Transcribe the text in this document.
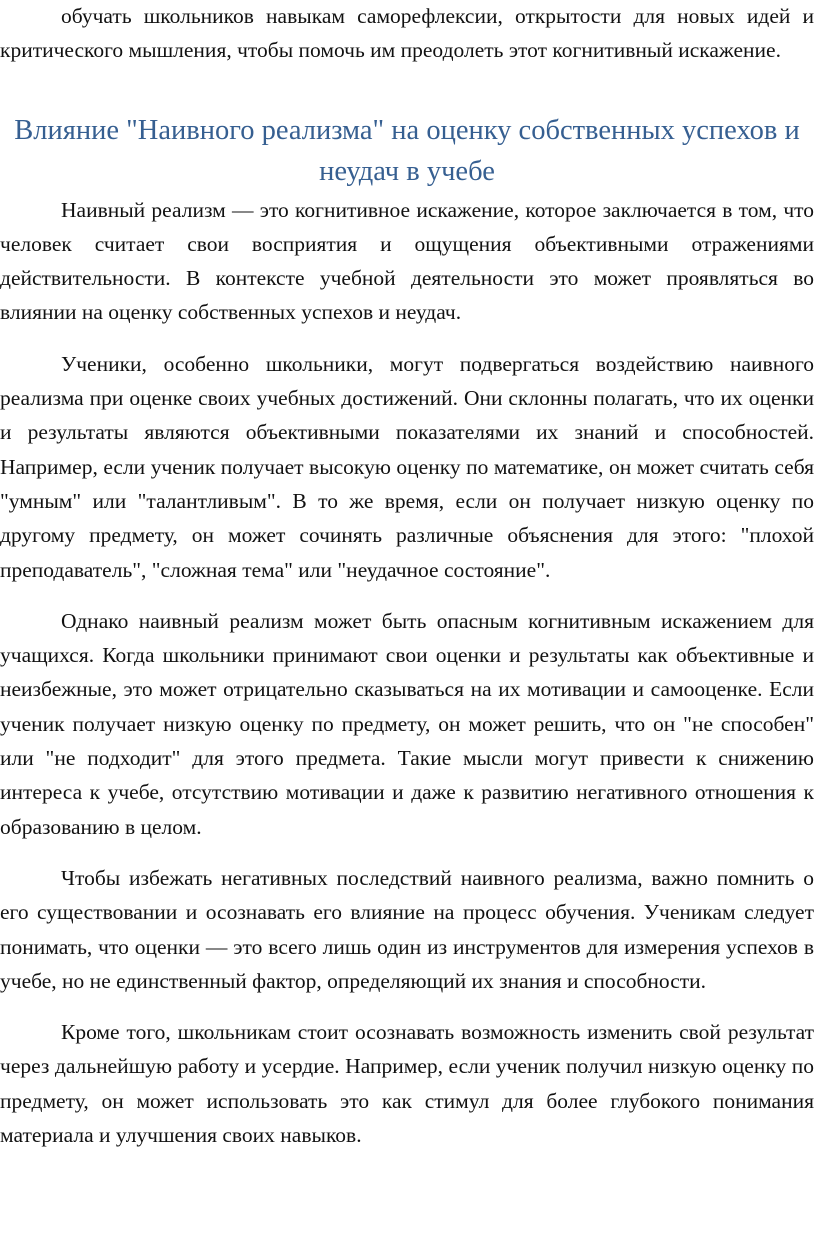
обучать школьников навыкам саморефлексии, открытости для новых идей и критического мышления, чтобы помочь им преодолеть этот когнитивный искажение.

Влияние "Наивного реализма" на оценку собственных успехов и неудач в учебе

Наивный реализм — это когнитивное искажение, которое заключается в том, что человек считает свои восприятия и ощущения объективными отражениями действительности. В контексте учебной деятельности это может проявляться во влиянии на оценку собственных успехов и неудач.

Ученики, особенно школьники, могут подвергаться воздействию наивного реализма при оценке своих учебных достижений. Они склонны полагать, что их оценки и результаты являются объективными показателями их знаний и способностей. Например, если ученик получает высокую оценку по математике, он может считать себя "умным" или "талантливым". В то же время, если он получает низкую оценку по другому предмету, он может сочинять различные объяснения для этого: "плохой преподаватель", "сложная тема" или "неудачное состояние".

Однако наивный реализм может быть опасным когнитивным искажением для учащихся. Когда школьники принимают свои оценки и результаты как объективные и неизбежные, это может отрицательно сказываться на их мотивации и самооценке. Если ученик получает низкую оценку по предмету, он может решить, что он "не способен" или "не подходит" для этого предмета. Такие мысли могут привести к снижению интереса к учебе, отсутствию мотивации и даже к развитию негативного отношения к образованию в целом.

Чтобы избежать негативных последствий наивного реализма, важно помнить о его существовании и осознавать его влияние на процесс обучения. Ученикам следует понимать, что оценки — это всего лишь один из инструментов для измерения успехов в учебе, но не единственный фактор, определяющий их знания и способности.

Кроме того, школьникам стоит осознавать возможность изменить свой результат через дальнейшую работу и усердие. Например, если ученик получил низкую оценку по предмету, он может использовать это как стимул для более глубокого понимания материала и улучшения своих навыков.
